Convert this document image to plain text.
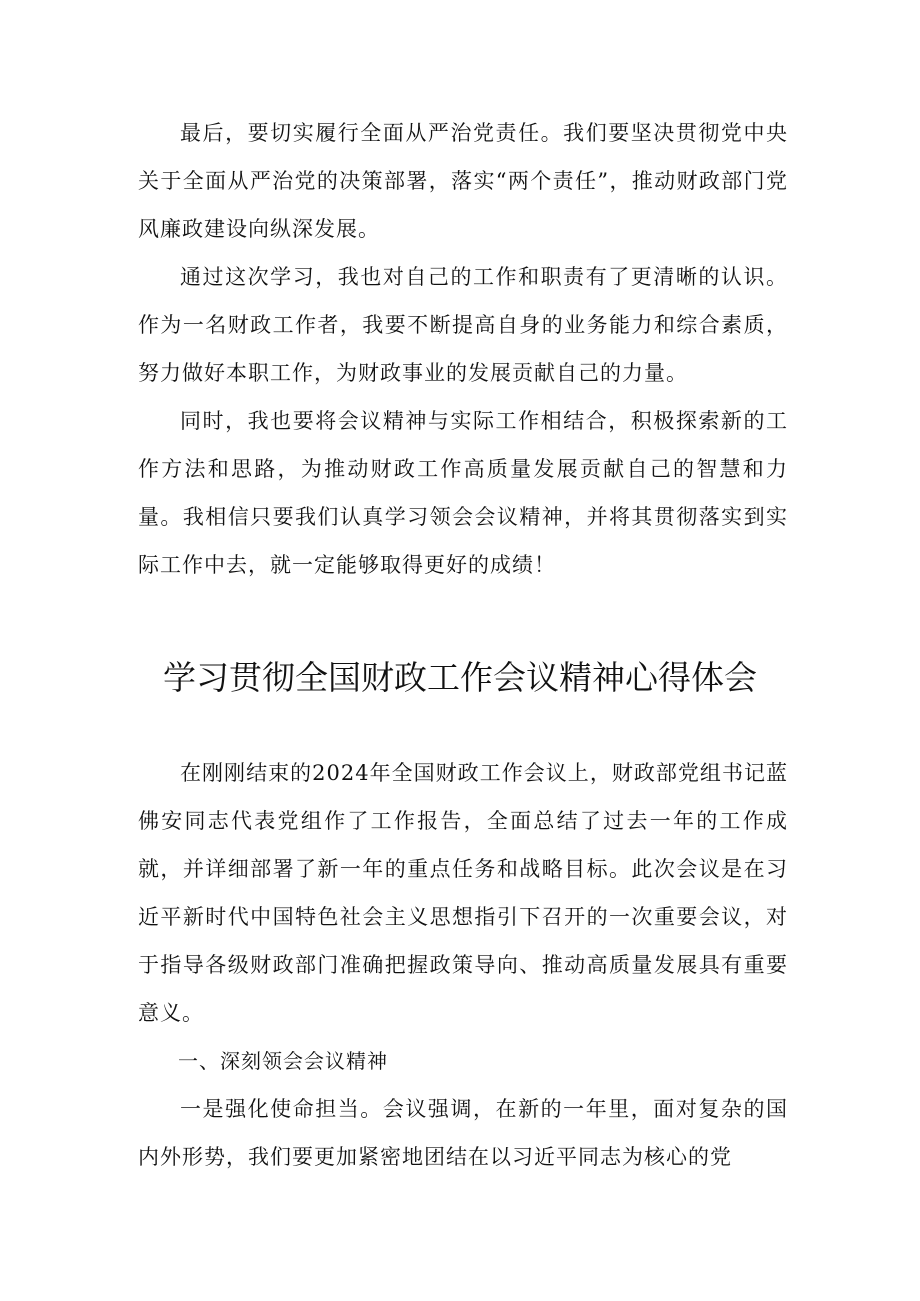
最后，要切实履行全面从严治党责任。我们要坚决贯彻党中央关于全面从严治党的决策部署，落实“两个责任”，推动财政部门党风廉政建设向纵深发展。

通过这次学习，我也对自己的工作和职责有了更清晰的认识。作为一名财政工作者，我要不断提高自身的业务能力和综合素质，努力做好本职工作，为财政事业的发展贡献自己的力量。

同时，我也要将会议精神与实际工作相结合，积极探索新的工作方法和思路，为推动财政工作高质量发展贡献自己的智慧和力量。我相信只要我们认真学习领会会议精神，并将其贯彻落实到实际工作中去，就一定能够取得更好的成绩！

学习贯彻全国财政工作会议精神心得体会

在刚刚结束的2024年全国财政工作会议上，财政部党组书记蓝佛安同志代表党组作了工作报告，全面总结了过去一年的工作成就，并详细部署了新一年的重点任务和战略目标。此次会议是在习近平新时代中国特色社会主义思想指引下召开的一次重要会议，对于指导各级财政部门准确把握政策导向、推动高质量发展具有重要意义。

一、深刻领会会议精神

一是强化使命担当。会议强调，在新的一年里，面对复杂的国内外形势，我们要更加紧密地团结在以习近平同志为核心的党
